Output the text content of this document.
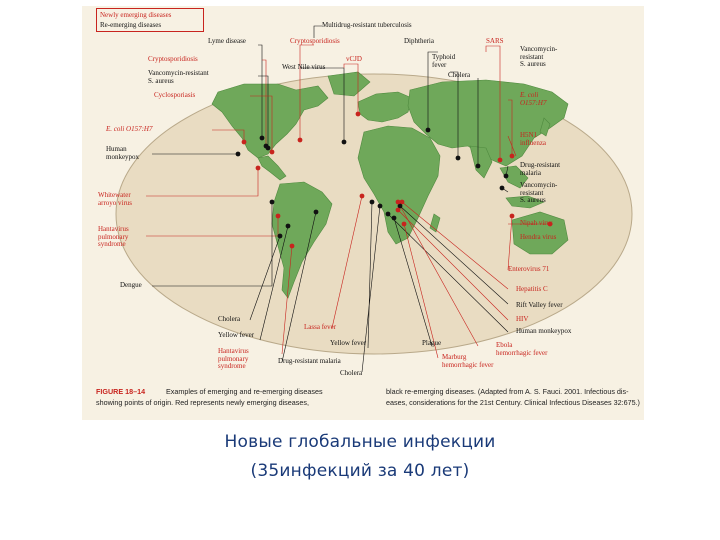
Newly emerging diseases
Re-emerging diseases
Lyme disease
Multidrug-resistant tuberculosis
Cryptosporidiosis	Diphtheria	SARS
Vancomycin-
resistant
S. aureus
Cryptosporidiosis
West Nile virus
vCJD	Typhoid
fever
Cholera
Vancomycin-resistant
S. aureus
Cyclosporiasis	E. coli
O157:H7
E. coli O157:H7
H5N1
influenza
Human
monkeypox
Drug-resistant
malaria
Vancomycin-
resistant
S. aureus
Whitewater
arroyo virus
Nipah virus
Hendra virus
Hantavirus
pulmonary
syndrome
Enterovirus 71
Dengue	Hepatitis C
Rift Valley fever
Cholera	HIV
Yellow fever
Lassa fever	Human monkeypox
Hantavirus
pulmonary
syndrome
Yellow fever	Plague	Ebola
hemorrhagic fever
Drug-resistant malaria	Marburg
hemorrhagic fever
Cholera
FIGURE 18–14	Examples of emerging and re-emerging diseases
showing points of origin. Red represents newly emerging diseases,
black re-emerging diseases. (Adapted from A. S. Fauci. 2001. Infectious dis-
eases, considerations for the 21st Century. Clinical Infectious Diseases 32:675.)
Новые глобальные инфекции
(35инфекций за 40 лет)
